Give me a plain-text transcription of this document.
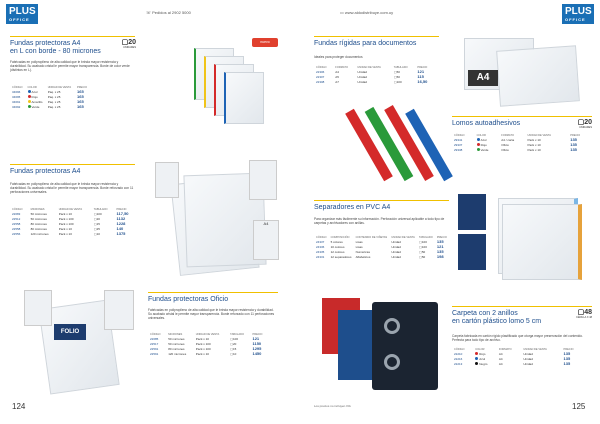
PLUS
OFFICE
☏ Pedidos al 2902 5000	▭ www.aldodistribuye.com.uy	PLUS
OFFICE
Fundas protectoras A4
en L con borde - 80 micrones
▢20
UNIDADES
Fabricadas en polipropileno de alta calidad que le brinda mayor resistencia y durabilidad. Su acabado cristal le permite mayor transparencia. Borde de color verde (distintos en L).
CÓDIGO	COLOR	UNIDAD DE VENTA	PRECIO
34696	Azul	Paq. x 25	165
34695	Rojo	Paq. x 25	165
34691	Amarillo	Paq. x 25	165
34692	Verde	Paq. x 25	165
nuevo
Fundas protectoras A4
Fabricadas en polipropileno de alta calidad que le brinda mayor resistencia y durabilidad. Su acabado cristal le permite mayor transparencia. Borde reforzado con 11 perforaciones universales.
CÓDIGO	MICRONES	UNIDAD DE VENTA	TABULADO	PRECIO
22683	50 micrones	Pack x 10	▢100	117,50
22512	50 micrones	Pack x 100	▢20	1132
22558	80 micrones	Pack x 100	▢15	1228
22558	80 micrones	Pack x 10	▢25	140
22556	120 micrones	Pack x 10	▢10	1375
A4
FOLIO
Fundas protectoras Oficio
Fabricadas en polipropileno de alta calidad que le brinda mayor resistencia y durabilidad. Su acabado cristal le permite mayor transparencia. Borde reforzado con 11 perforaciones universales.
CÓDIGO	MICRONES	UNIDAD DE VENTA	TABULADO	PRECIO
22685	50 micrones	Pack x 10	▢100	121
22517	50 micrones	Pack x 100	▢20	1150
22591	80 micrones	Pack x 100	▢15	1295
22591	120 micrones	Pack x 10	▢10	1450
124
Fundas rígidas para documentos
Ideales para proteger documentos
CÓDIGO	FORMATO	UNIDAD DE VENTA	TABULADO	PRECIO
22306	A4	Unidad	▢50	121
22307	A5	Unidad	▢50	115
22308	A7	Unidad	▢100	16,50	A4
Lomos autoadhesivos	▢20
UNIDADES
CÓDIGO	COLOR	FORMATO	UNIDAD DE VENTA	PRECIO
29341	Azul	A4 / carta	Pack x 10	135
29337	Rojo	Oficio	Pack x 10	135
29338	Verde	Oficio	Pack x 10	135
Separadores en PVC A4
Para organizar más fácilmente su información. Perforación universal aplicable a todo tipo de carpetas y archivadores con anillas.
CÓDIGO	COMPOSICIÓN	CONTENIDO DE VIÑETAS	UNIDAD DE VENTA	TABULADO	PRECIO
24337	5 colores	Lisas	Unidad	▢100	135
24336	10 colores	Lisas	Unidad	▢100	121
24335	12 colores	Numéricas	Unidad	▢50	135
24331	12 separadores	Alfabéticos	Unidad	▢50	198
Carpeta con 2 anillos
en cartón plástico lomo 5 cm
▢48
CÉDULA X 48
Carpeta fabricada en cartón rígido plastificado que otorga mayor preservación del contenido. Perfecta para todo tipo de archivo.
CÓDIGO	COLOR	FORMATO	UNIDAD DE VENTA	PRECIO
22210	Rojo	A4	Unidad	135
22216	Azul	A4	Unidad	135
22213	Negro	A4	Unidad	135
Los precios no incluyen IVA	125
